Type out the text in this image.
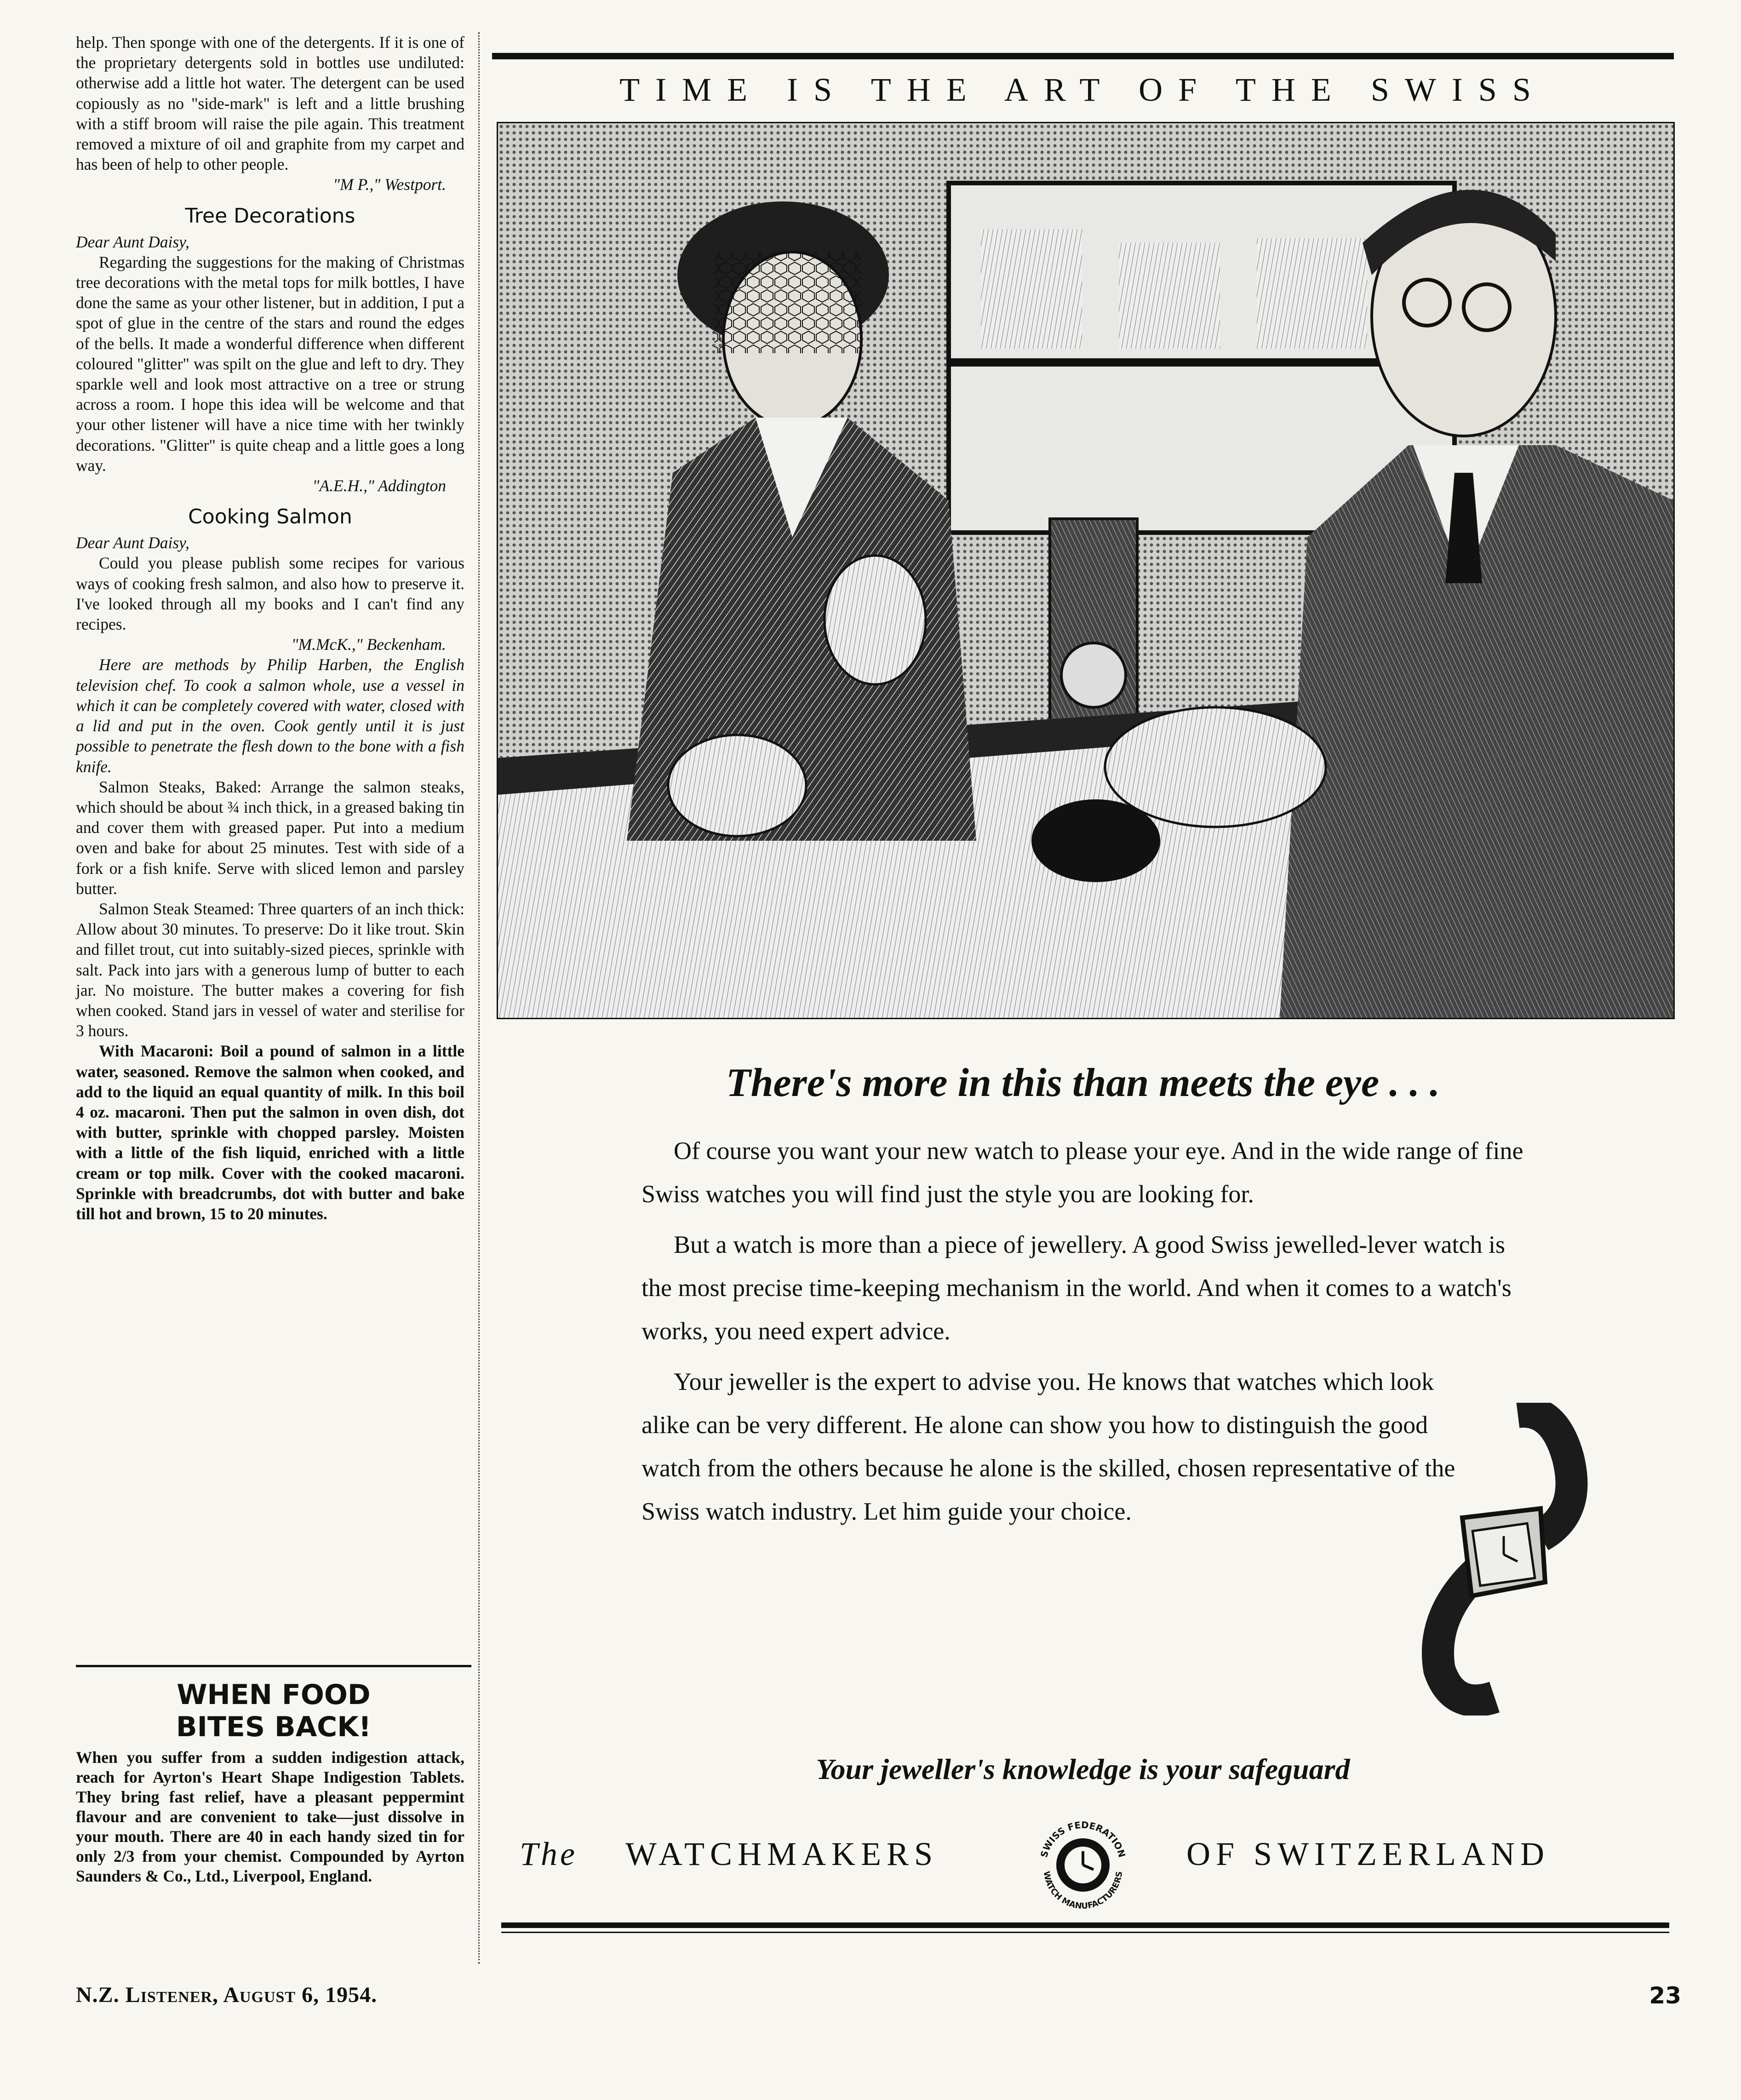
help. Then sponge with one of the detergents. If it is one of the proprietary detergents sold in bottles use undiluted: otherwise add a little hot water. The detergent can be used copiously as no "side-mark" is left and a little brushing with a stiff broom will raise the pile again. This treatment removed a mixture of oil and graphite from my carpet and has been of help to other people.

"M P.," Westport.

Tree Decorations

Dear Aunt Daisy,

Regarding the suggestions for the making of Christmas tree decorations with the metal tops for milk bottles, I have done the same as your other listener, but in addition, I put a spot of glue in the centre of the stars and round the edges of the bells. It made a wonderful difference when different coloured "glitter" was spilt on the glue and left to dry. They sparkle well and look most attractive on a tree or strung across a room. I hope this idea will be welcome and that your other listener will have a nice time with her twinkly decorations. "Glitter" is quite cheap and a little goes a long way.

"A.E.H.," Addington

Cooking Salmon

Dear Aunt Daisy,

Could you please publish some recipes for various ways of cooking fresh salmon, and also how to preserve it. I've looked through all my books and I can't find any recipes.

"M.McK.," Beckenham.

Here are methods by Philip Harben, the English television chef. To cook a salmon whole, use a vessel in which it can be completely covered with water, closed with a lid and put in the oven. Cook gently until it is just possible to penetrate the flesh down to the bone with a fish knife.

Salmon Steaks, Baked: Arrange the salmon steaks, which should be about ¾ inch thick, in a greased baking tin and cover them with greased paper. Put into a medium oven and bake for about 25 minutes. Test with side of a fork or a fish knife. Serve with sliced lemon and parsley butter.

Salmon Steak Steamed: Three quarters of an inch thick: Allow about 30 minutes. To preserve: Do it like trout. Skin and fillet trout, cut into suitably-sized pieces, sprinkle with salt. Pack into jars with a generous lump of butter to each jar. No moisture. The butter makes a covering for fish when cooked. Stand jars in vessel of water and sterilise for 3 hours.

With Macaroni: Boil a pound of salmon in a little water, seasoned. Remove the salmon when cooked, and add to the liquid an equal quantity of milk. In this boil 4 oz. macaroni. Then put the salmon in oven dish, dot with butter, sprinkle with chopped parsley. Moisten with a little of the fish liquid, enriched with a little cream or top milk. Cover with the cooked macaroni. Sprinkle with breadcrumbs, dot with butter and bake till hot and brown, 15 to 20 minutes.

WHEN FOOD
BITES BACK!
When you suffer from a sudden indigestion attack, reach for Ayrton's Heart Shape Indigestion Tablets. They bring fast relief, have a pleasant peppermint flavour and are convenient to take—just dissolve in your mouth. There are 40 in each handy sized tin for only 2/3 from your chemist. Compounded by Ayrton Saunders & Co., Ltd., Liverpool, England.
N.Z. Listener, August 6, 1954.	23
TIME IS THE ART OF THE SWISS
There's more in this than meets the eye . . .

Of course you want your new watch to please your eye. And in the wide range of fine Swiss watches you will find just the style you are looking for.

But a watch is more than a piece of jewellery. A good Swiss jewelled-lever watch is the most precise time-keeping mechanism in the world. And when it comes to a watch's works, you need expert advice.

Your jeweller is the expert to advise you. He knows that watches which look alike can be very different. He alone can show you how to distinguish the good watch from the others because he alone is the skilled, chosen representative of the Swiss watch industry. Let him guide your choice.

Your jeweller's knowledge is your safeguard
The WATCHMAKERS	SWISS FEDERATION
WATCH MANUFACTURERS
OF SWITZERLAND
